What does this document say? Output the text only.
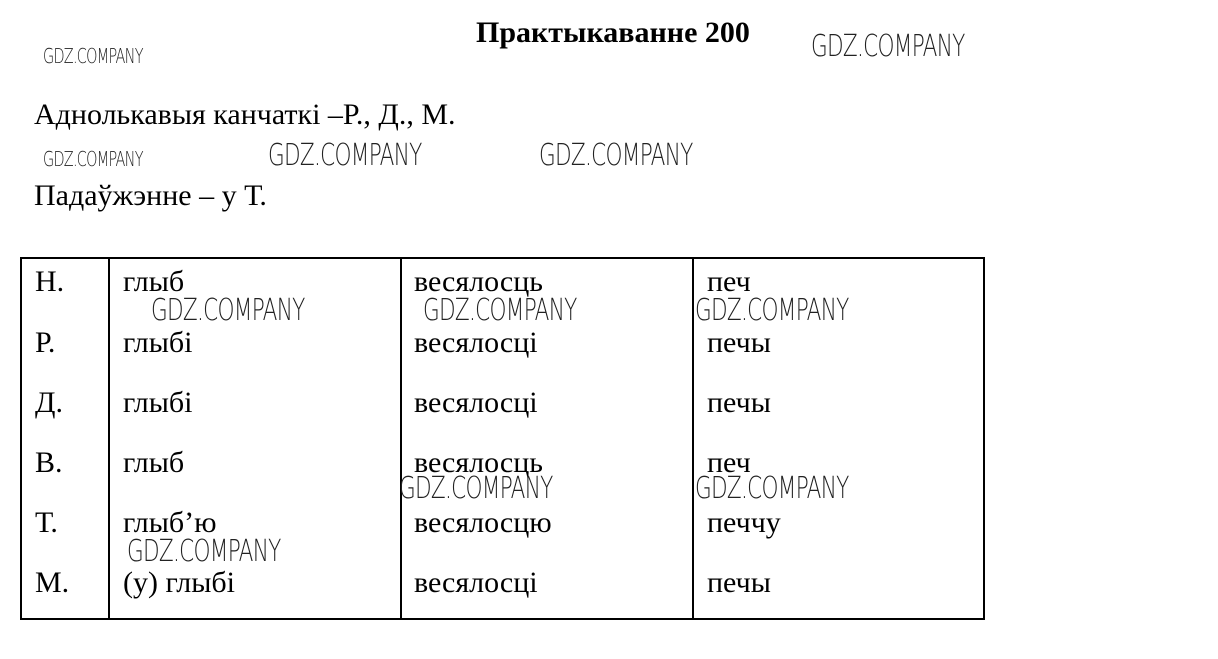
Практыкаванне 200
Аднолькавыя канчаткі –Р., Д., М.
Падаўжэнне – у Т.
GDZ.COMPANY	GDZ.COMPANY
GDZ.COMPANY	GDZ.COMPANY	GDZ.COMPANY
Н. глыб	весялосць	печ
Р. глыбі	весялосці	печы
Д. глыбі	весялосці	печы
В. глыб	весялосць	печ
Т. глыб’ю	весялосцю	печчу
М. (у) глыбі	весялосці	печы
GDZ.COMPANY	GDZ.COMPANY	GDZ.COMPANY
GDZ.COMPANY	GDZ.COMPANY
GDZ.COMPANY
